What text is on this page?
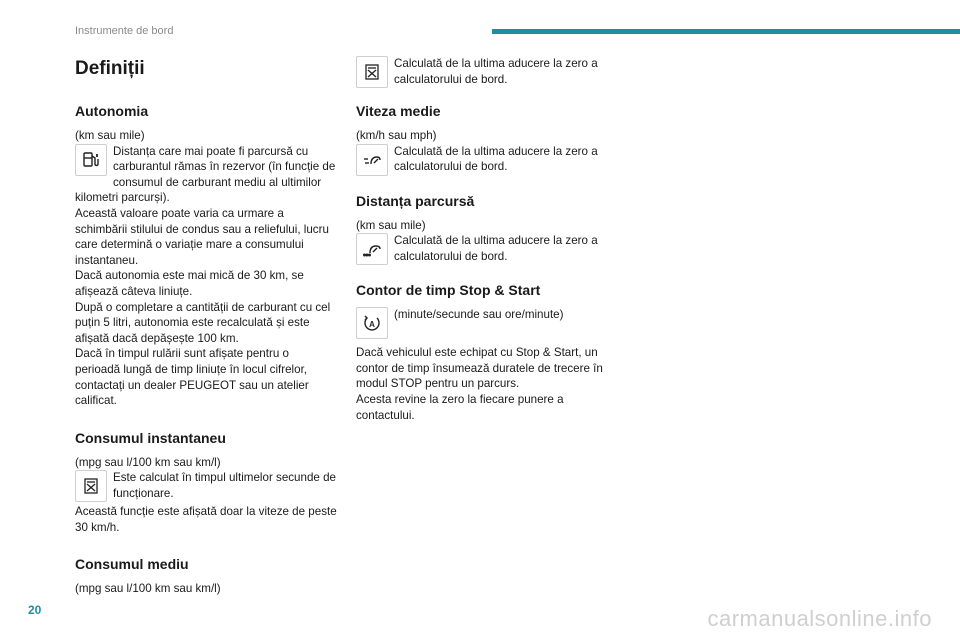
Instrumente de bord
Definiții
Autonomia

(km sau mile)

Distanța care mai poate fi parcursă cu carburantul rămas în rezervor (în funcție de consumul de carburant mediu al ultimilor kilometri parcurși).

Această valoare poate varia ca urmare a schimbării stilului de condus sau a reliefului, lucru care determină o variație mare a consumului instantaneu.

Dacă autonomia este mai mică de 30 km, se afișează câteva liniuțe.

După o completare a cantității de carburant cu cel puțin 5 litri, autonomia este recalculată și este afișată dacă depășește 100 km.

Dacă în timpul rulării sunt afișate pentru o perioadă lungă de timp liniuțe în locul cifrelor, contactați un dealer PEUGEOT sau un atelier calificat.

Consumul instantaneu

(mpg sau l/100 km sau km/l)

Este calculat în timpul ultimelor secunde de funcționare.

Această funcție este afișată doar la viteze de peste 30 km/h.

Consumul mediu

(mpg sau l/100 km sau km/l)

Calculată de la ultima aducere la zero a calculatorului de bord.
Viteza medie

(km/h sau mph)

Calculată de la ultima aducere la zero a calculatorului de bord.
Distanța parcursă

(km sau mile)

Calculată de la ultima aducere la zero a calculatorului de bord.
Contor de timp Stop & Start
A
(minute/secunde sau ore/minute)

Dacă vehiculul este echipat cu Stop & Start, un contor de timp însumează duratele de trecere în modul STOP pentru un parcurs.

Acesta revine la zero la fiecare punere a contactului.

20	carmanualsonline.info
